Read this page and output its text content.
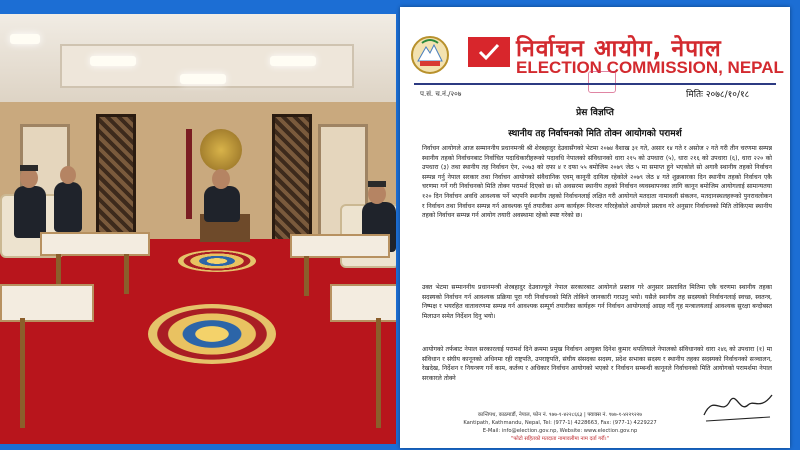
निर्वाचन आयोग, नेपाल
ELECTION COMMISSION, NEPAL
प.सं. च.नं./२०७	मितिः २०७८/१०/१८
प्रेस विज्ञप्ति
स्थानीय तह निर्वाचनको मिति तोक्न आयोगको परामर्श
निर्वाचन आयोगले आज सम्माननीय प्रधानमन्त्री श्री शेरबहादुर देउवासँगको भेटमा २०७४ वैशाख ३१ गते, असार १४ गते र असोज २ गते गरी तीन चरणमा सम्पन्न स्थानीय तहको निर्वाचनबाट निर्वाचित पदाधिकारीहरूको पदावधि नेपालको संविधानको धारा २१५ को उपधारा (५), धारा २१६ को उपधारा (६), धारा २२० को उपधारा (३) तथा स्थानीय तह निर्वाचन ऐन, २०७३ को दफा ४ र दफा ५५ बमोजिम २०७९ जेठ ५ मा समाप्त हुने भएकोले सो अगावै स्थानीय तहको निर्वाचन सम्पन्न गर्नु नेपाल सरकार तथा निर्वाचन आयोगको संवैधानिक एवम् कानूनी दायित्व रहेकोले २०७९ जेठ ४ गते शुक्रबारका दिन स्थानीय तहको निर्वाचन एकै चरणमा गर्ने गरी निर्वाचनको मिति तोक्न परामर्श दिएको छ। सो अवसरमा स्थानीय तहको निर्वाचन व्यवस्थापनका लागि कानून बमोजिम आयोगलाई सामान्यतया १२० दिन निर्वाचन अवधि आवश्यक पर्ने भएपनि स्थानीय तहको निर्वाचनलाई लक्षित गरी आयोगले मतदाता नामावली संकलन, मतदानस्थलहरूको पुनरावलोकन र निर्वाचन तथा निर्वाचन सम्पन्न गर्न आवश्यक पूर्व तयारीका अन्य कार्यहरू निरन्तर गरिरहेकोले आयोगले प्रस्ताव गरे अनुसार निर्वाचनको मिति तोकिएमा स्थानीय तहको निर्वाचन सम्पन्न गर्न आयोग तयारी अवस्थामा रहेको स्पष्ट गरेको छ।
उक्त भेटमा सम्माननीय प्रधानमन्त्री शेरबहादुर देउवाज्यूले नेपाल सरकारबाट आयोगले प्रस्ताव गरे अनुसार प्रस्तावित मितिमा एकै चरणमा स्थानीय तहका सदस्यको निर्वाचन गर्न आवश्यक प्रक्रिया पूरा गरी निर्वाचनको मिति तोकिने जानकारी गराउनु भयो। यसैले स्थानीय तह सदस्यको निर्वाचनलाई स्वच्छ, स्वतन्त्र, निष्पक्ष र भयरहित वातावरणमा सम्पन्न गर्न आवश्यक सम्पूर्ण तयारीका कार्यहरू गर्न निर्वाचन आयोगलाई आग्रह गर्दै गृह मन्त्रालयलाई आवश्यक सुरक्षा बन्दोबस्त मिलाउन समेत निर्देशन दिनु भयो।
आयोगको तर्फबाट नेपाल सरकारलाई परामर्श दिने क्रममा प्रमुख निर्वाचन आयुक्त दिनेश कुमार थपलियाले नेपालको संविधानको धारा २४६ को उपधारा (१) मा संविधान र संघीय कानूनको अधिनमा रही राष्ट्रपति, उपराष्ट्रपति, संघीय संसदका सदस्य, प्रदेश सभाका सदस्य र स्थानीय तहका सदस्यको निर्वाचनको सञ्चालन, रेखदेख, निर्देशन र नियन्त्रण गर्ने काम, कर्तव्य र अधिकार निर्वाचन आयोगको भएको र निर्वाचन सम्बन्धी कानूनले निर्वाचनको मिति आयोगको परामर्शमा नेपाल सरकारले तोक्ने
कान्तिपथ, काठमाडौं, नेपाल, फोन नं. ९७७-१-४२२८६६३ | फ्याक्स नं. ९७७-१-४२२९२२७
Kantipath, Kathmandu, Nepal, Tel: (977-1) 4228663, Fax: (977-1) 4229227
E-Mail: info@election.gov.np, Website: www.election.gov.np
"फोटो सहितको मतदाता नामावलीमा नाम दर्ता गरौं।"
